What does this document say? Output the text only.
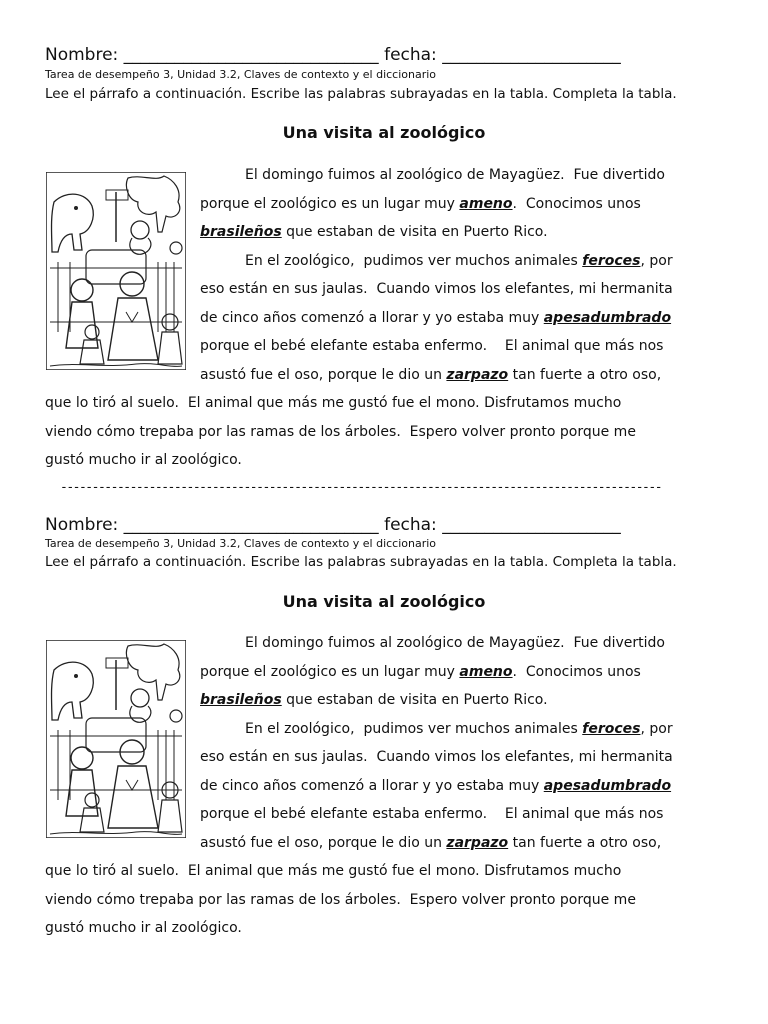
Nombre: ______________________________ fecha: _____________________
Tarea de desempeño 3, Unidad 3.2, Claves de contexto y el diccionario
Lee el párrafo a continuación. Escribe las palabras subrayadas en la tabla. Completa la tabla.
Una visita al zoológico
El domingo fuimos al zoológico de Mayagüez.  Fue divertido
porque el zoológico es un lugar muy ameno.  Conocimos unos
brasileños que estaban de visita en Puerto Rico.
En el zoológico,  pudimos ver muchos animales feroces, por
eso están en sus jaulas.  Cuando vimos los elefantes, mi hermanita
de cinco años comenzó a llorar y yo estaba muy apesadumbrado
porque el bebé elefante estaba enfermo.    El animal que más nos
asustó fue el oso, porque le dio un zarpazo tan fuerte a otro oso,
que lo tiró al suelo.  El animal que más me gustó fue el mono. Disfrutamos mucho
viendo cómo trepaba por las ramas de los árboles.  Espero volver pronto porque me
gustó mucho ir al zoológico.
-----------------------------------------------------------------------------------------------
Nombre: ______________________________ fecha: _____________________
Tarea de desempeño 3, Unidad 3.2, Claves de contexto y el diccionario
Lee el párrafo a continuación. Escribe las palabras subrayadas en la tabla. Completa la tabla.
Una visita al zoológico
El domingo fuimos al zoológico de Mayagüez.  Fue divertido
porque el zoológico es un lugar muy ameno.  Conocimos unos
brasileños que estaban de visita en Puerto Rico.
En el zoológico,  pudimos ver muchos animales feroces, por
eso están en sus jaulas.  Cuando vimos los elefantes, mi hermanita
de cinco años comenzó a llorar y yo estaba muy apesadumbrado
porque el bebé elefante estaba enfermo.    El animal que más nos
asustó fue el oso, porque le dio un zarpazo tan fuerte a otro oso,
que lo tiró al suelo.  El animal que más me gustó fue el mono. Disfrutamos mucho
viendo cómo trepaba por las ramas de los árboles.  Espero volver pronto porque me
gustó mucho ir al zoológico.
